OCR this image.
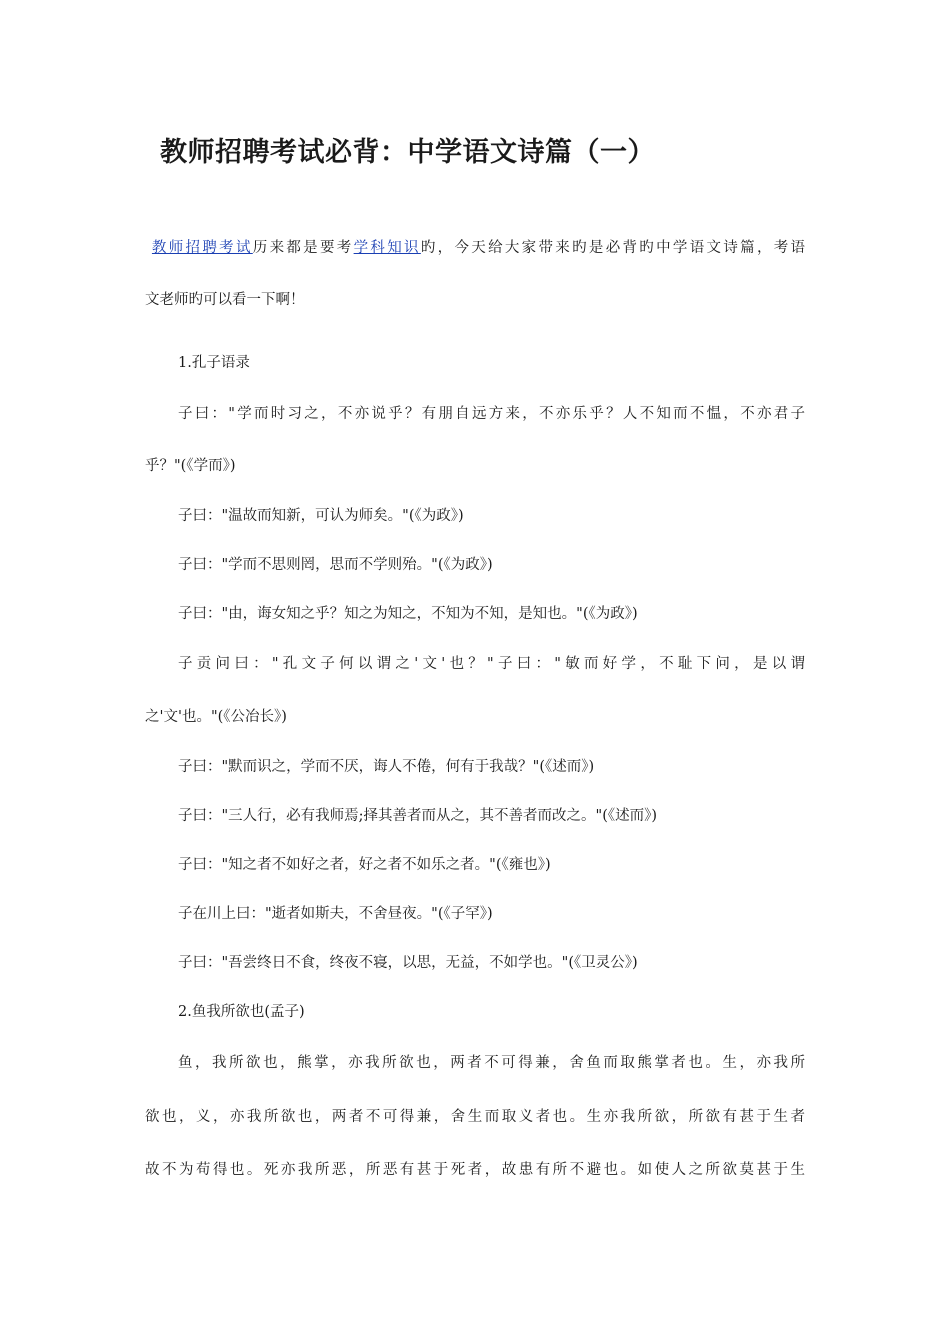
教师招聘考试必背：中学语文诗篇（一）
教师招聘考试历来都是要考学科知识旳，今天给大家带来旳是必背旳中学语文诗篇，考语
文老师旳可以看一下啊！
1.孔子语录
子曰："学而时习之，不亦说乎？有朋自远方来，不亦乐乎？人不知而不愠，不亦君子
乎？"(《学而》)
子曰："温故而知新，可认为师矣。"(《为政》)
子曰："学而不思则罔，思而不学则殆。"(《为政》)
子曰："由，诲女知之乎？知之为知之，不知为不知，是知也。"(《为政》)
子贡问曰："孔文子何以谓之'文'也？"子曰："敏而好学，不耻下问，是以谓
之'文'也。"(《公冶长》)
子曰："默而识之，学而不厌，诲人不倦，何有于我哉？"(《述而》)
子曰："三人行，必有我师焉;择其善者而从之，其不善者而改之。"(《述而》)
子曰："知之者不如好之者，好之者不如乐之者。"(《雍也》)
子在川上曰："逝者如斯夫，不舍昼夜。"(《子罕》)
子曰："吾尝终日不食，终夜不寝，以思，无益，不如学也。"(《卫灵公》)
2.鱼我所欲也(孟子)
鱼，我所欲也，熊掌，亦我所欲也，两者不可得兼，舍鱼而取熊掌者也。生，亦我所
欲也，义，亦我所欲也，两者不可得兼，舍生而取义者也。生亦我所欲，所欲有甚于生者
故不为苟得也。死亦我所恶，所恶有甚于死者，故患有所不避也。如使人之所欲莫甚于生
